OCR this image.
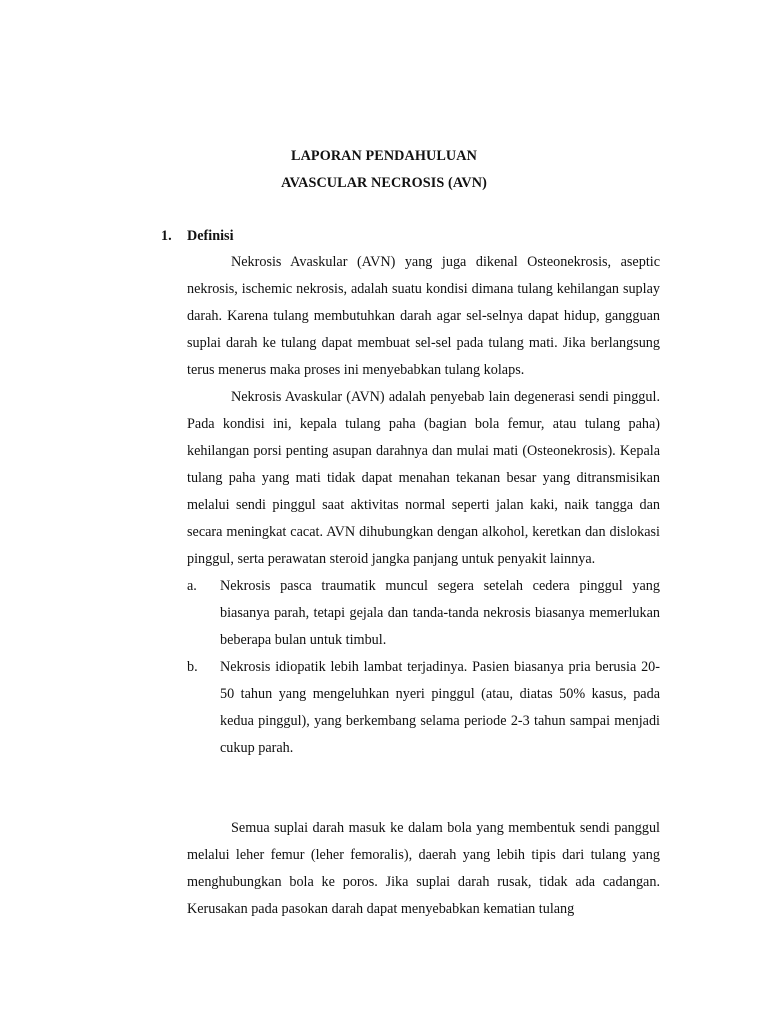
LAPORAN PENDAHULUAN
AVASCULAR NECROSIS (AVN)
1. Definisi

Nekrosis Avaskular (AVN) yang juga dikenal Osteonekrosis, aseptic nekrosis, ischemic nekrosis, adalah suatu kondisi dimana tulang kehilangan suplay darah. Karena tulang membutuhkan darah agar sel-selnya dapat hidup, gangguan suplai darah ke tulang dapat membuat sel-sel pada tulang mati. Jika berlangsung terus menerus maka proses ini menyebabkan tulang kolaps.

Nekrosis Avaskular (AVN) adalah penyebab lain degenerasi sendi pinggul. Pada kondisi ini, kepala tulang paha (bagian bola femur, atau tulang paha) kehilangan porsi penting asupan darahnya dan mulai mati (Osteonekrosis). Kepala tulang paha yang mati tidak dapat menahan tekanan besar yang ditransmisikan melalui sendi pinggul saat aktivitas normal seperti jalan kaki, naik tangga dan secara meningkat cacat. AVN dihubungkan dengan alkohol, keretkan dan dislokasi pinggul, serta perawatan steroid jangka panjang untuk penyakit lainnya.

a. Nekrosis pasca traumatik muncul segera setelah cedera pinggul yang biasanya parah, tetapi gejala dan tanda-tanda nekrosis biasanya memerlukan beberapa bulan untuk timbul.
b. Nekrosis idiopatik lebih lambat terjadinya. Pasien biasanya pria berusia 20-50 tahun yang mengeluhkan nyeri pinggul (atau, diatas 50% kasus, pada kedua pinggul), yang berkembang selama periode 2-3 tahun sampai menjadi cukup parah.

Semua suplai darah masuk ke dalam bola yang membentuk sendi panggul melalui leher femur (leher femoralis), daerah yang lebih tipis dari tulang yang menghubungkan bola ke poros. Jika suplai darah rusak, tidak ada cadangan. Kerusakan pada pasokan darah dapat menyebabkan kematian tulang
